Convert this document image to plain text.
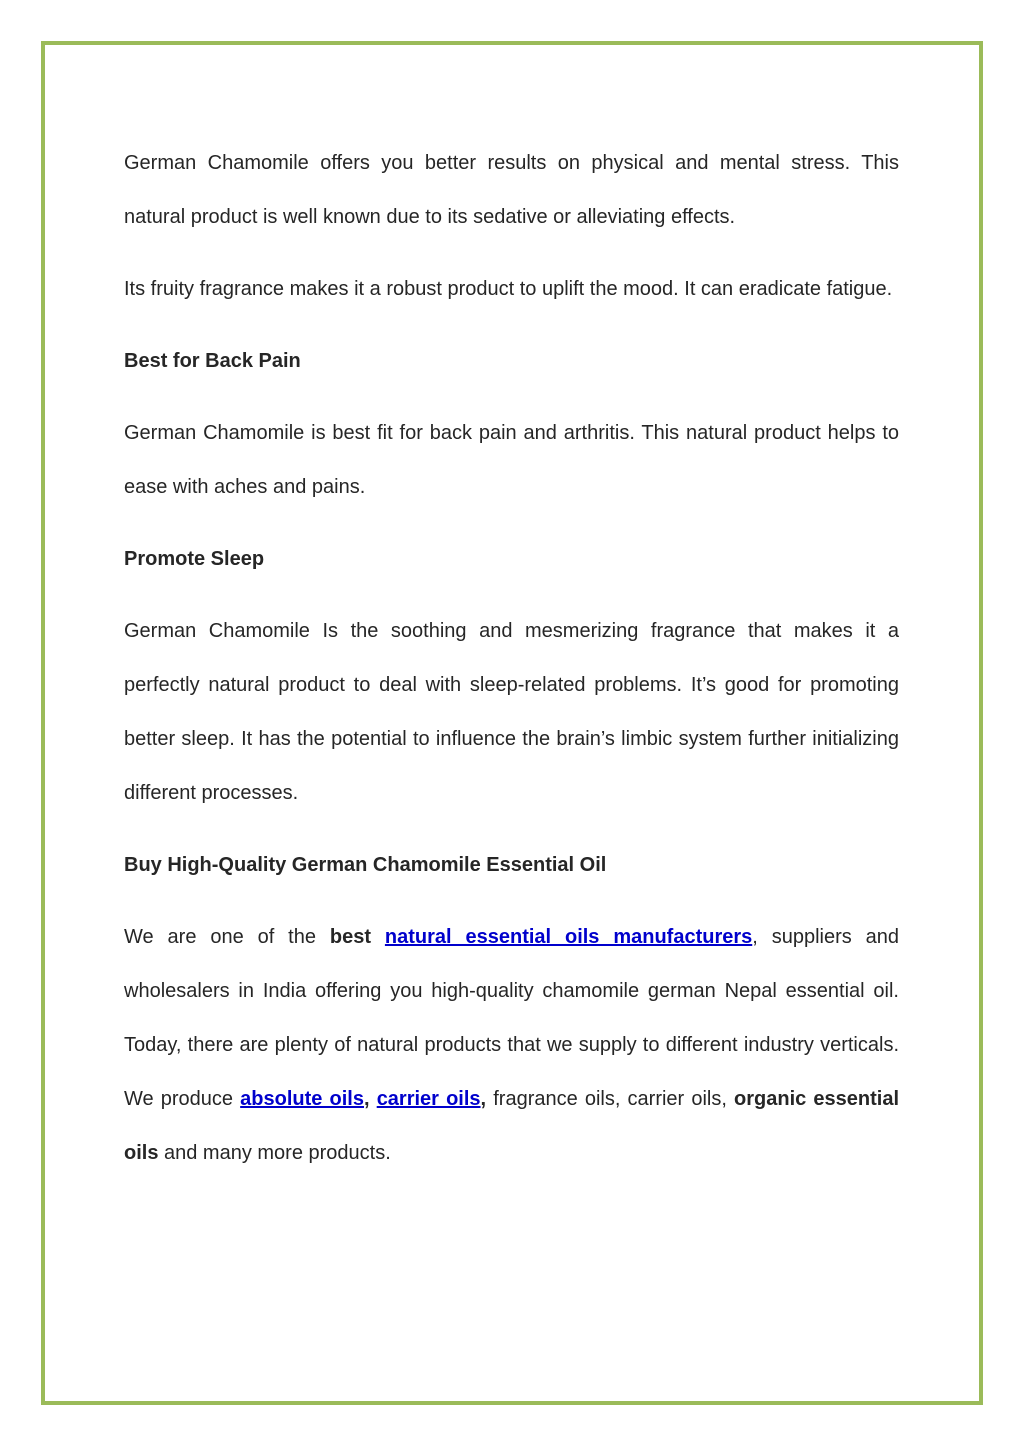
German Chamomile offers you better results on physical and mental stress. This natural product is well known due to its sedative or alleviating effects.

Its fruity fragrance makes it a robust product to uplift the mood. It can eradicate fatigue.

Best for Back Pain

German Chamomile is best fit for back pain and arthritis. This natural product helps to ease with aches and pains.

Promote Sleep

German Chamomile Is the soothing and mesmerizing fragrance that makes it a perfectly natural product to deal with sleep-related problems. It’s good for promoting better sleep. It has the potential to influence the brain’s limbic system further initializing different processes.

Buy High-Quality German Chamomile Essential Oil

We are one of the best natural essential oils manufacturers, suppliers and wholesalers in India offering you high-quality chamomile german Nepal essential oil. Today, there are plenty of natural products that we supply to different industry verticals. We produce absolute oils, carrier oils, fragrance oils, carrier oils, organic essential oils and many more products.
